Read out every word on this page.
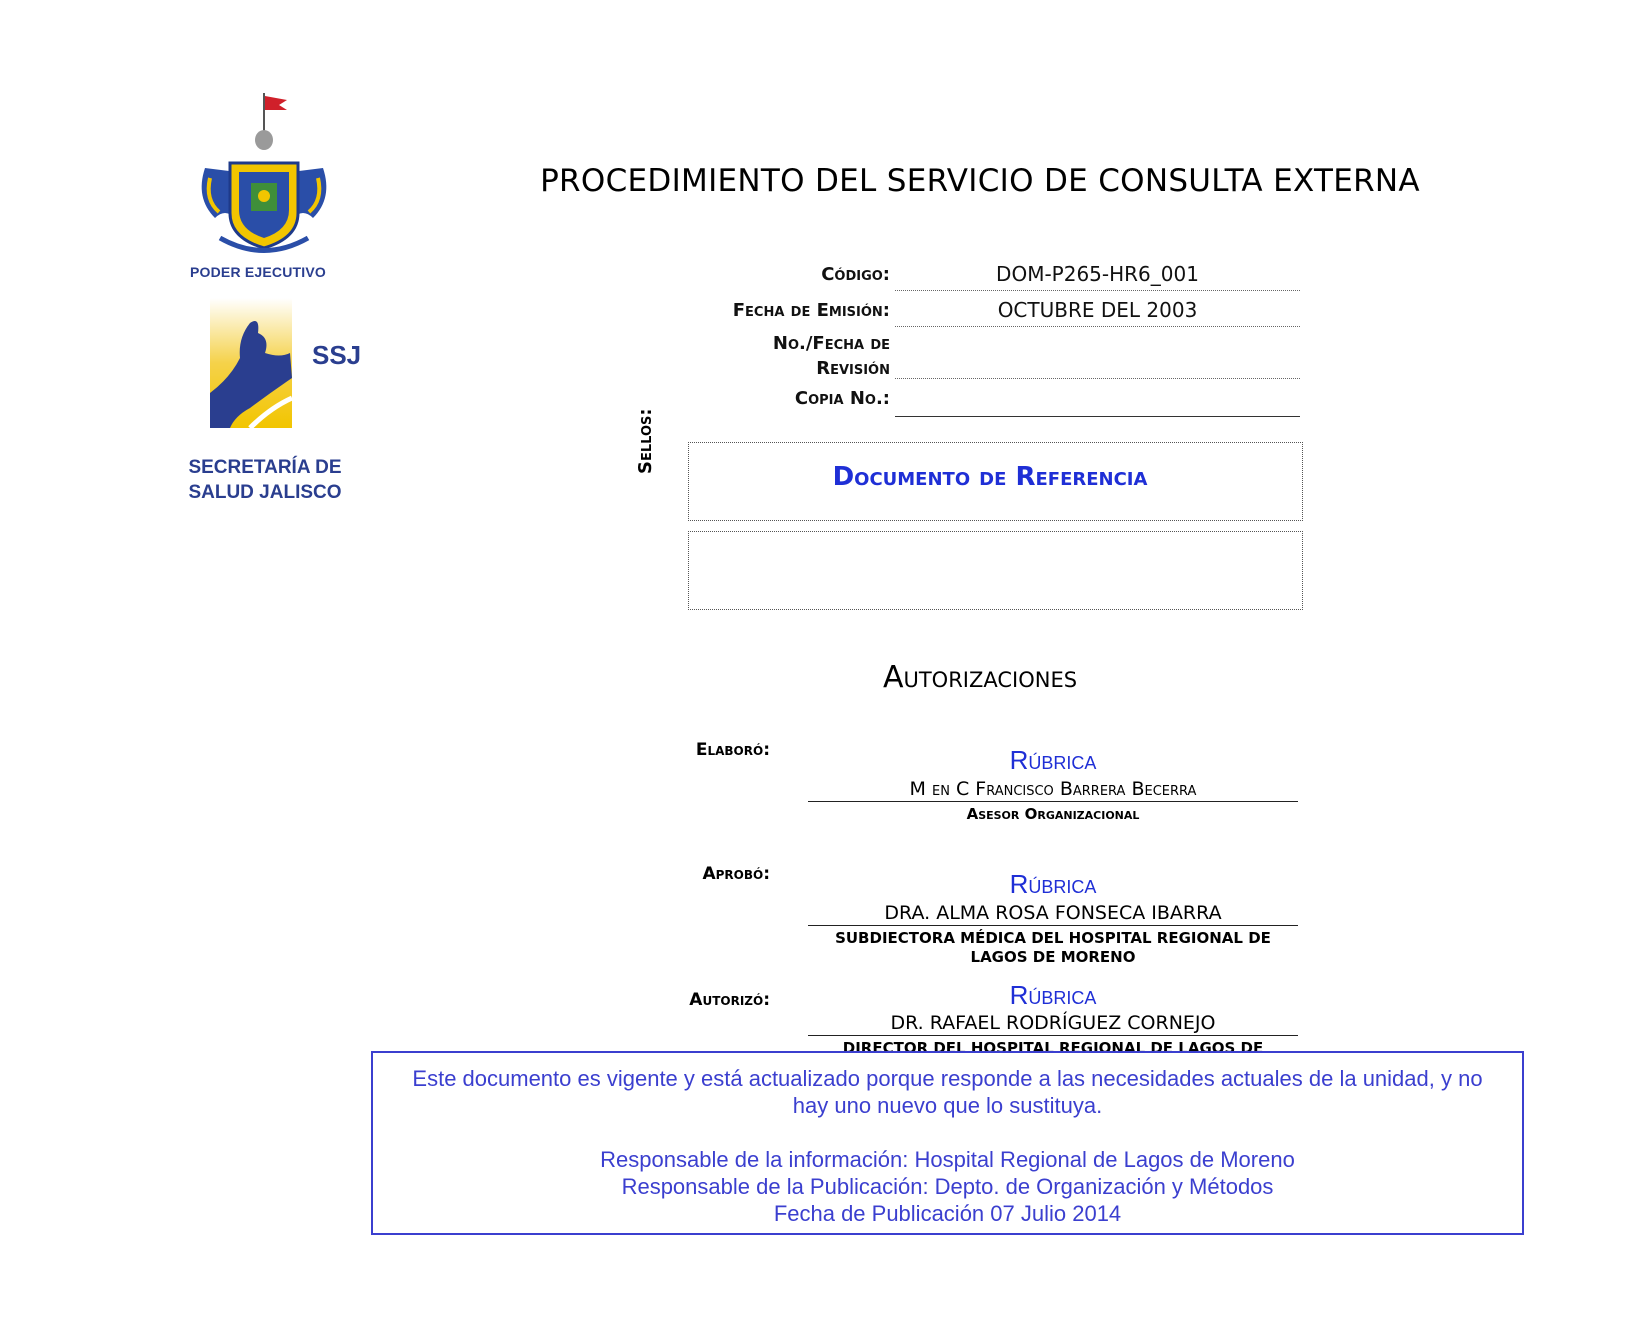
PODER EJECUTIVO
SSJ
SECRETARÍA DE
SALUD JALISCO
PROCEDIMIENTO DEL SERVICIO DE CONSULTA EXTERNA
Código:	DOM-P265-HR6_001
Fecha de Emisión:	OCTUBRE DEL 2003
No./Fecha de
Revisión
Copia No.:
Sellos:
Documento de Referencia
Autorizaciones
Elaboró:	Rúbrica
M en C Francisco Barrera Becerra
Asesor Organizacional
Aprobó:	Rúbrica
DRA. ALMA ROSA FONSECA IBARRA
SUBDIECTORA MÉDICA DEL HOSPITAL REGIONAL DE
LAGOS DE MORENO
Autorizó:	Rúbrica
DR. RAFAEL RODRÍGUEZ CORNEJO
DIRECTOR DEL HOSPITAL REGIONAL DE LAGOS DE

Este documento es vigente y está actualizado porque responde a las necesidades actuales de la unidad, y no

hay uno nuevo que lo sustituya.

Responsable de la información: Hospital Regional de Lagos de Moreno

Responsable de la Publicación: Depto. de Organización y Métodos

Fecha de Publicación 07 Julio 2014
